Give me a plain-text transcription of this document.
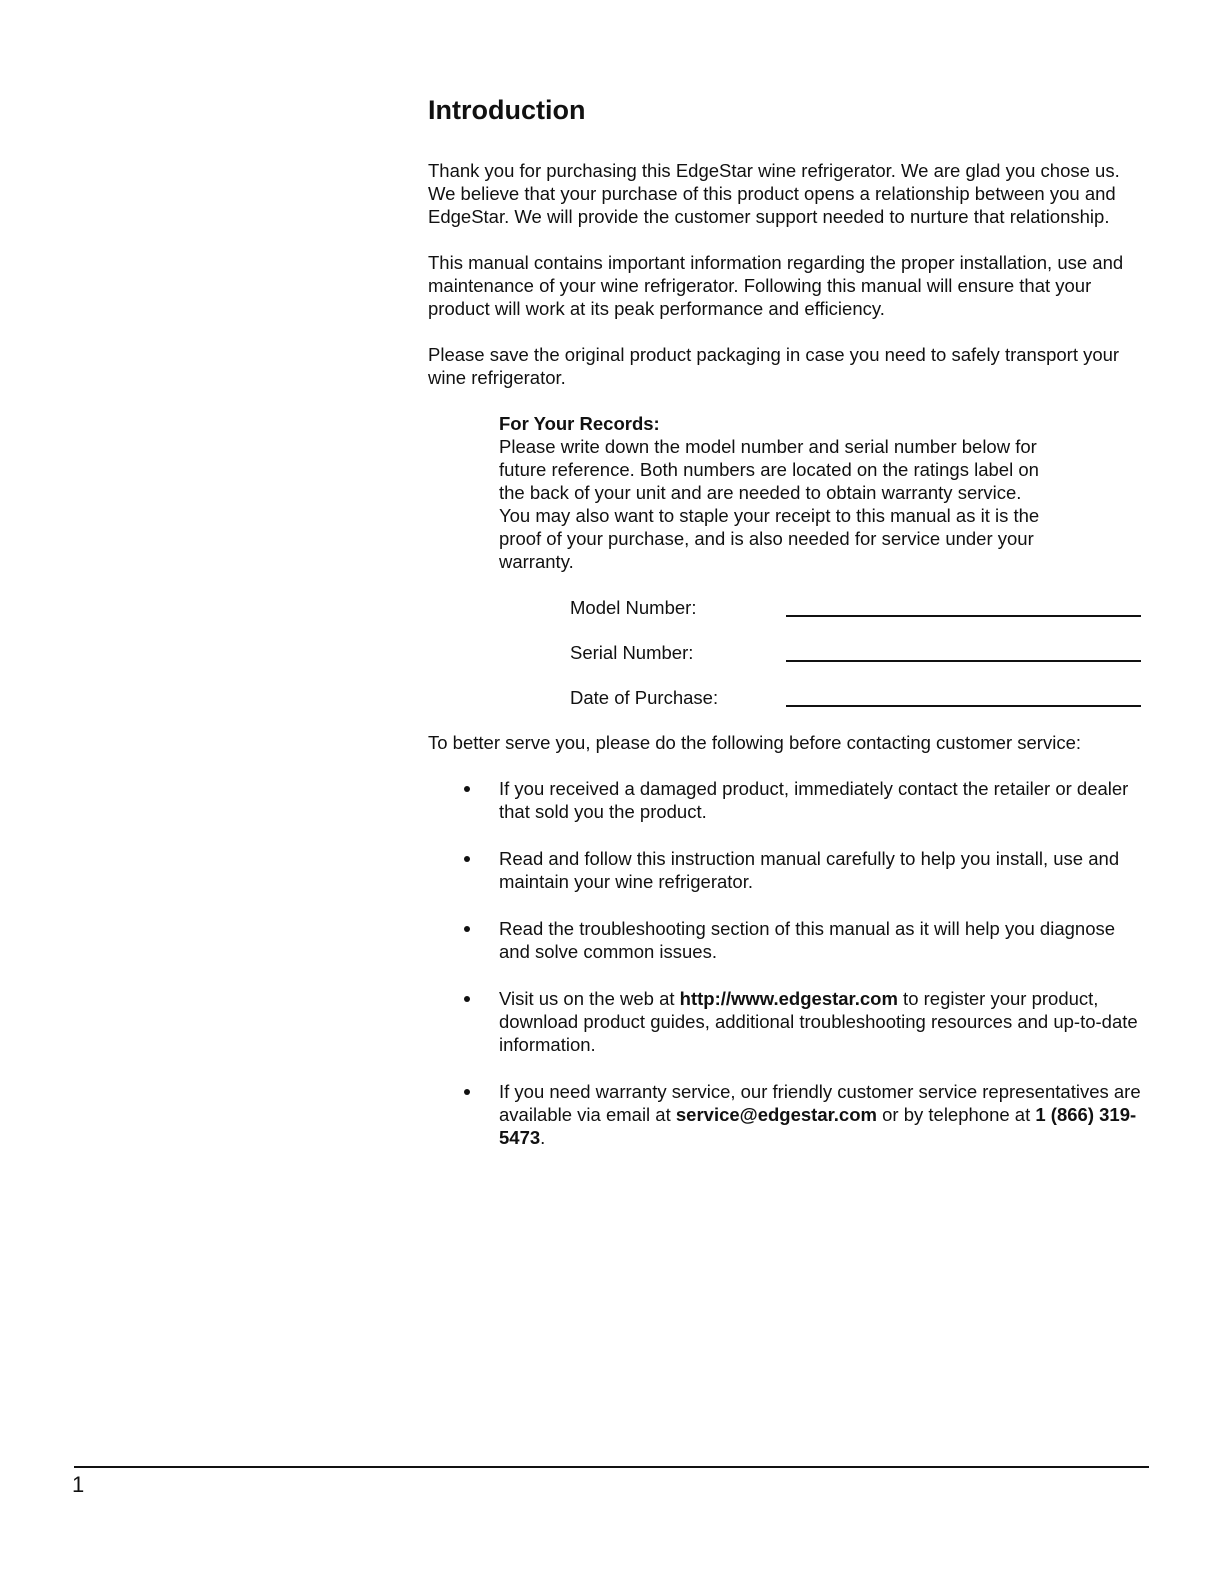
Introduction

Thank you for purchasing this EdgeStar wine refrigerator. We are glad you chose us. We believe that your purchase of this product opens a relationship between you and EdgeStar. We will provide the customer support needed to nurture that relationship.

This manual contains important information regarding the proper installation, use and maintenance of your wine refrigerator. Following this manual will ensure that your product will work at its peak performance and efficiency.

Please save the original product packaging in case you need to safely transport your wine refrigerator.

For Your Records:
Please write down the model number and serial number below for future reference. Both numbers are located on the ratings label on the back of your unit and are needed to obtain warranty service. You may also want to staple your receipt to this manual as it is the proof of your purchase, and is also needed for service under your warranty.
Model Number:
Serial Number:
Date of Purchase:

To better serve you, please do the following before contacting customer service:

If you received a damaged product, immediately contact the retailer or dealer that sold you the product.
Read and follow this instruction manual carefully to help you install, use and maintain your wine refrigerator.
Read the troubleshooting section of this manual as it will help you diagnose and solve common issues.
Visit us on the web at http://www.edgestar.com to register your product, download product guides, additional troubleshooting resources and up-to-date information.
If you need warranty service, our friendly customer service representatives are available via email at service@edgestar.com or by telephone at 1 (866) 319-5473.
1
